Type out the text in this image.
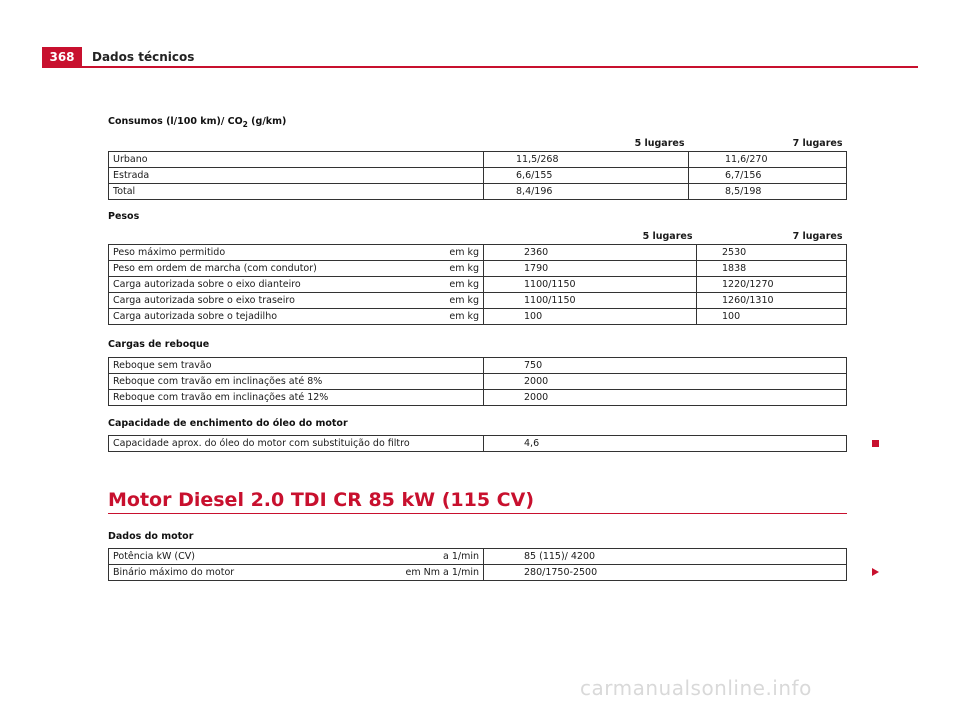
368	Dados técnicos
Consumos (l/100 km)/ $CO_2$ (g/km)
	5 lugares	7 lugares
Urbano	11,5/268	11,6/270
Estrada	6,6/155	6,7/156
Total	8,4/196	8,5/198
Pesos
	5 lugares	7 lugares
Peso máximo permitido em kg	2360	2530
Peso em ordem de marcha (com condutor) em kg	1790	1838
Carga autorizada sobre o eixo dianteiro em kg	1100/1150	1220/1270
Carga autorizada sobre o eixo traseiro em kg	1100/1150	1260/1310
Carga autorizada sobre o tejadilho em kg	100	100
Cargas de reboque
Reboque sem travão	750
Reboque com travão em inclinações até 8%	2000
Reboque com travão em inclinações até 12%	2000
Capacidade de enchimento do óleo do motor
Capacidade aprox. do óleo do motor com substituição do filtro	4,6
Motor Diesel 2.0 TDI CR 85 kW (115 CV)
Dados do motor
Potência kW (CV) a 1/min	85 (115)/ 4200
Binário máximo do motor em Nm a 1/min	280/1750-2500
carmanualsonline.info
